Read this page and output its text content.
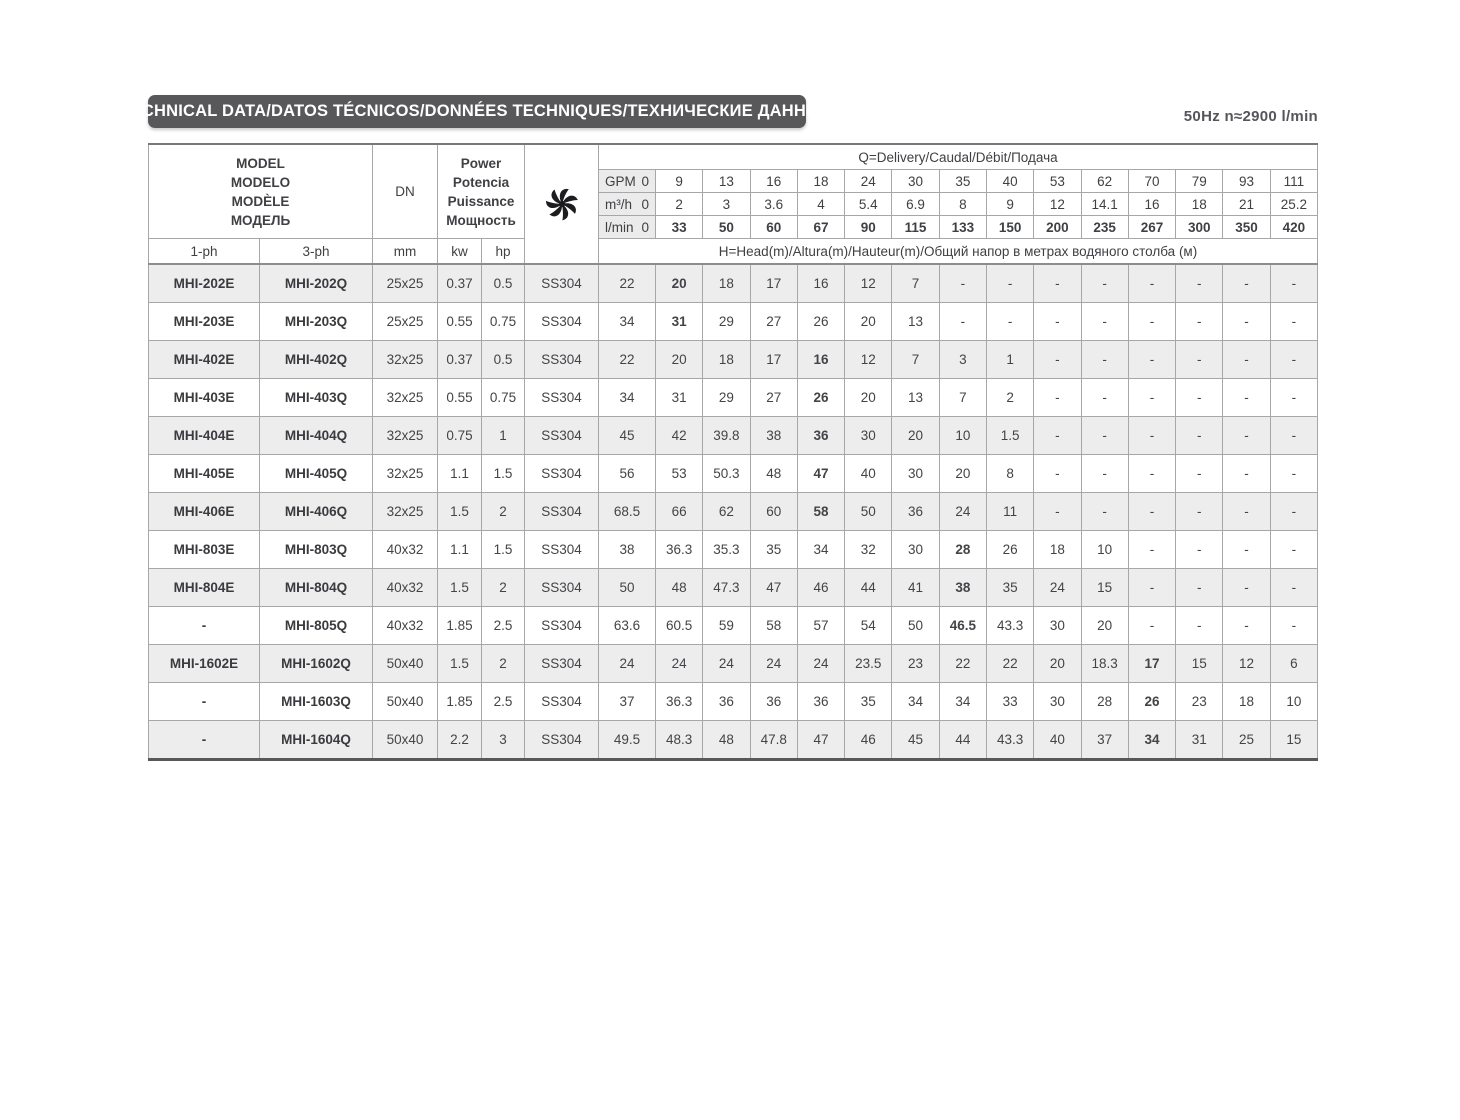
TECHNICAL DATA/DATOS TÉCNICOS/DONNÉES TECHNIQUES/ТЕХНИЧЕСКИЕ ДАННЫЕ	50Hz n≈2900 l/min
MODEL
MODELO
MODÈLE
МОДЕЛЬ
	DN	
Power
Potencia
Puissance
Мощность

	Q=Delivery/Caudal/Débit/Подача

						GPM 0	9	13	16	18	24	30	35	40	53	62	70	79	93	111

						m³/h 0	2	3	3.6	4	5.4	6.9	8	9	12	14.1	16	18	21	25.2

						l/min 0	33	50	60	67	90	115	133	150	200	235	267	300	350	420
1-ph	3-ph	mm	kw	hp		H=Head(m)/Altura(m)/Hauteur(m)/Общий напор в метрах водяного столба (м)														
MHI-202E	MHI-202Q	25x25	0.37	0.5	SS304	22	20	18	17	16	12	7	-	-	-	-	-	-	-	-
MHI-203E	MHI-203Q	25x25	0.55	0.75	SS304	34	31	29	27	26	20	13	-	-	-	-	-	-	-	-
MHI-402E	MHI-402Q	32x25	0.37	0.5	SS304	22	20	18	17	16	12	7	3	1	-	-	-	-	-	-
MHI-403E	MHI-403Q	32x25	0.55	0.75	SS304	34	31	29	27	26	20	13	7	2	-	-	-	-	-	-
MHI-404E	MHI-404Q	32x25	0.75	1	SS304	45	42	39.8	38	36	30	20	10	1.5	-	-	-	-	-	-
MHI-405E	MHI-405Q	32x25	1.1	1.5	SS304	56	53	50.3	48	47	40	30	20	8	-	-	-	-	-	-
MHI-406E	MHI-406Q	32x25	1.5	2	SS304	68.5	66	62	60	58	50	36	24	11	-	-	-	-	-	-
MHI-803E	MHI-803Q	40x32	1.1	1.5	SS304	38	36.3	35.3	35	34	32	30	28	26	18	10	-	-	-	-
MHI-804E	MHI-804Q	40x32	1.5	2	SS304	50	48	47.3	47	46	44	41	38	35	24	15	-	-	-	-
-	MHI-805Q	40x32	1.85	2.5	SS304	63.6	60.5	59	58	57	54	50	46.5	43.3	30	20	-	-	-	-
MHI-1602E	MHI-1602Q	50x40	1.5	2	SS304	24	24	24	24	24	23.5	23	22	22	20	18.3	17	15	12	6
-	MHI-1603Q	50x40	1.85	2.5	SS304	37	36.3	36	36	36	35	34	34	33	30	28	26	23	18	10
-	MHI-1604Q	50x40	2.2	3	SS304	49.5	48.3	48	47.8	47	46	45	44	43.3	40	37	34	31	25	15
